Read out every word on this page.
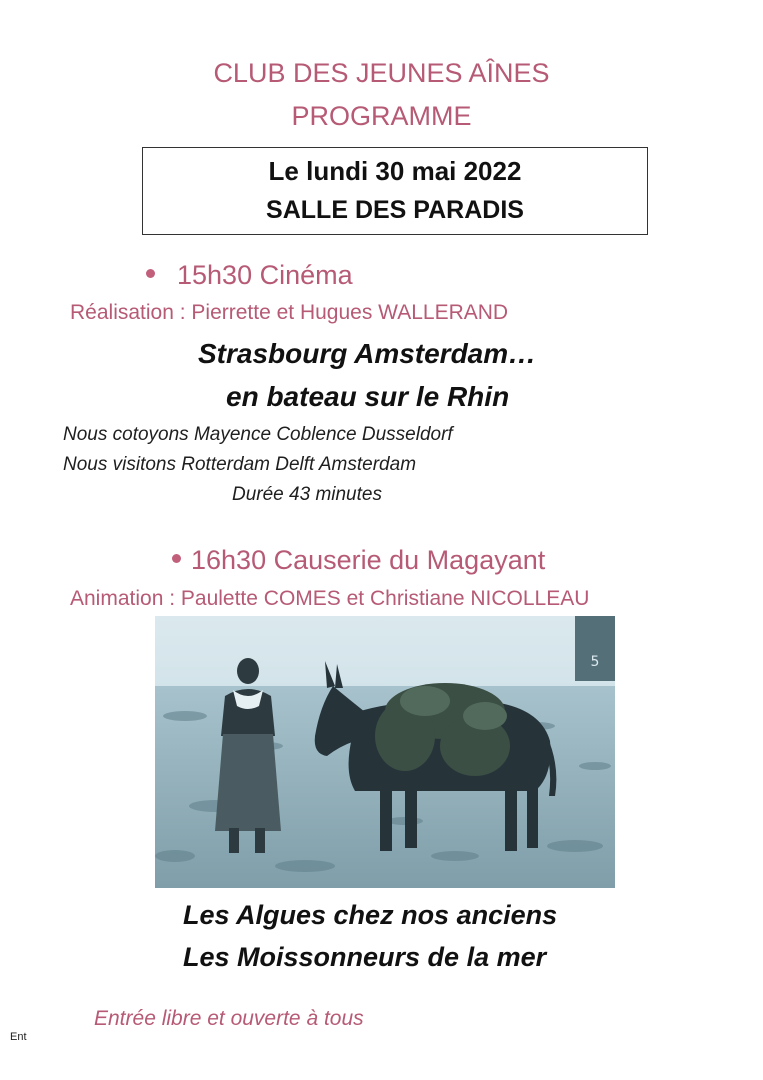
CLUB DES JEUNES AÎNES
PROGRAMME
Le lundi 30 mai 2022
SALLE DES PARADIS
15h30 Cinéma
Réalisation : Pierrette et Hugues WALLERAND
Strasbourg Amsterdam…
en bateau sur le Rhin
Nous cotoyons Mayence Coblence Dusseldorf
Nous visitons Rotterdam Delft Amsterdam
Durée 43 minutes
16h30 Causerie du Magayant
Animation : Paulette COMES et Christiane NICOLLEAU
5
Les Algues chez nos anciens
Les Moissonneurs de la mer
Entrée libre et ouverte à tous
Ent
